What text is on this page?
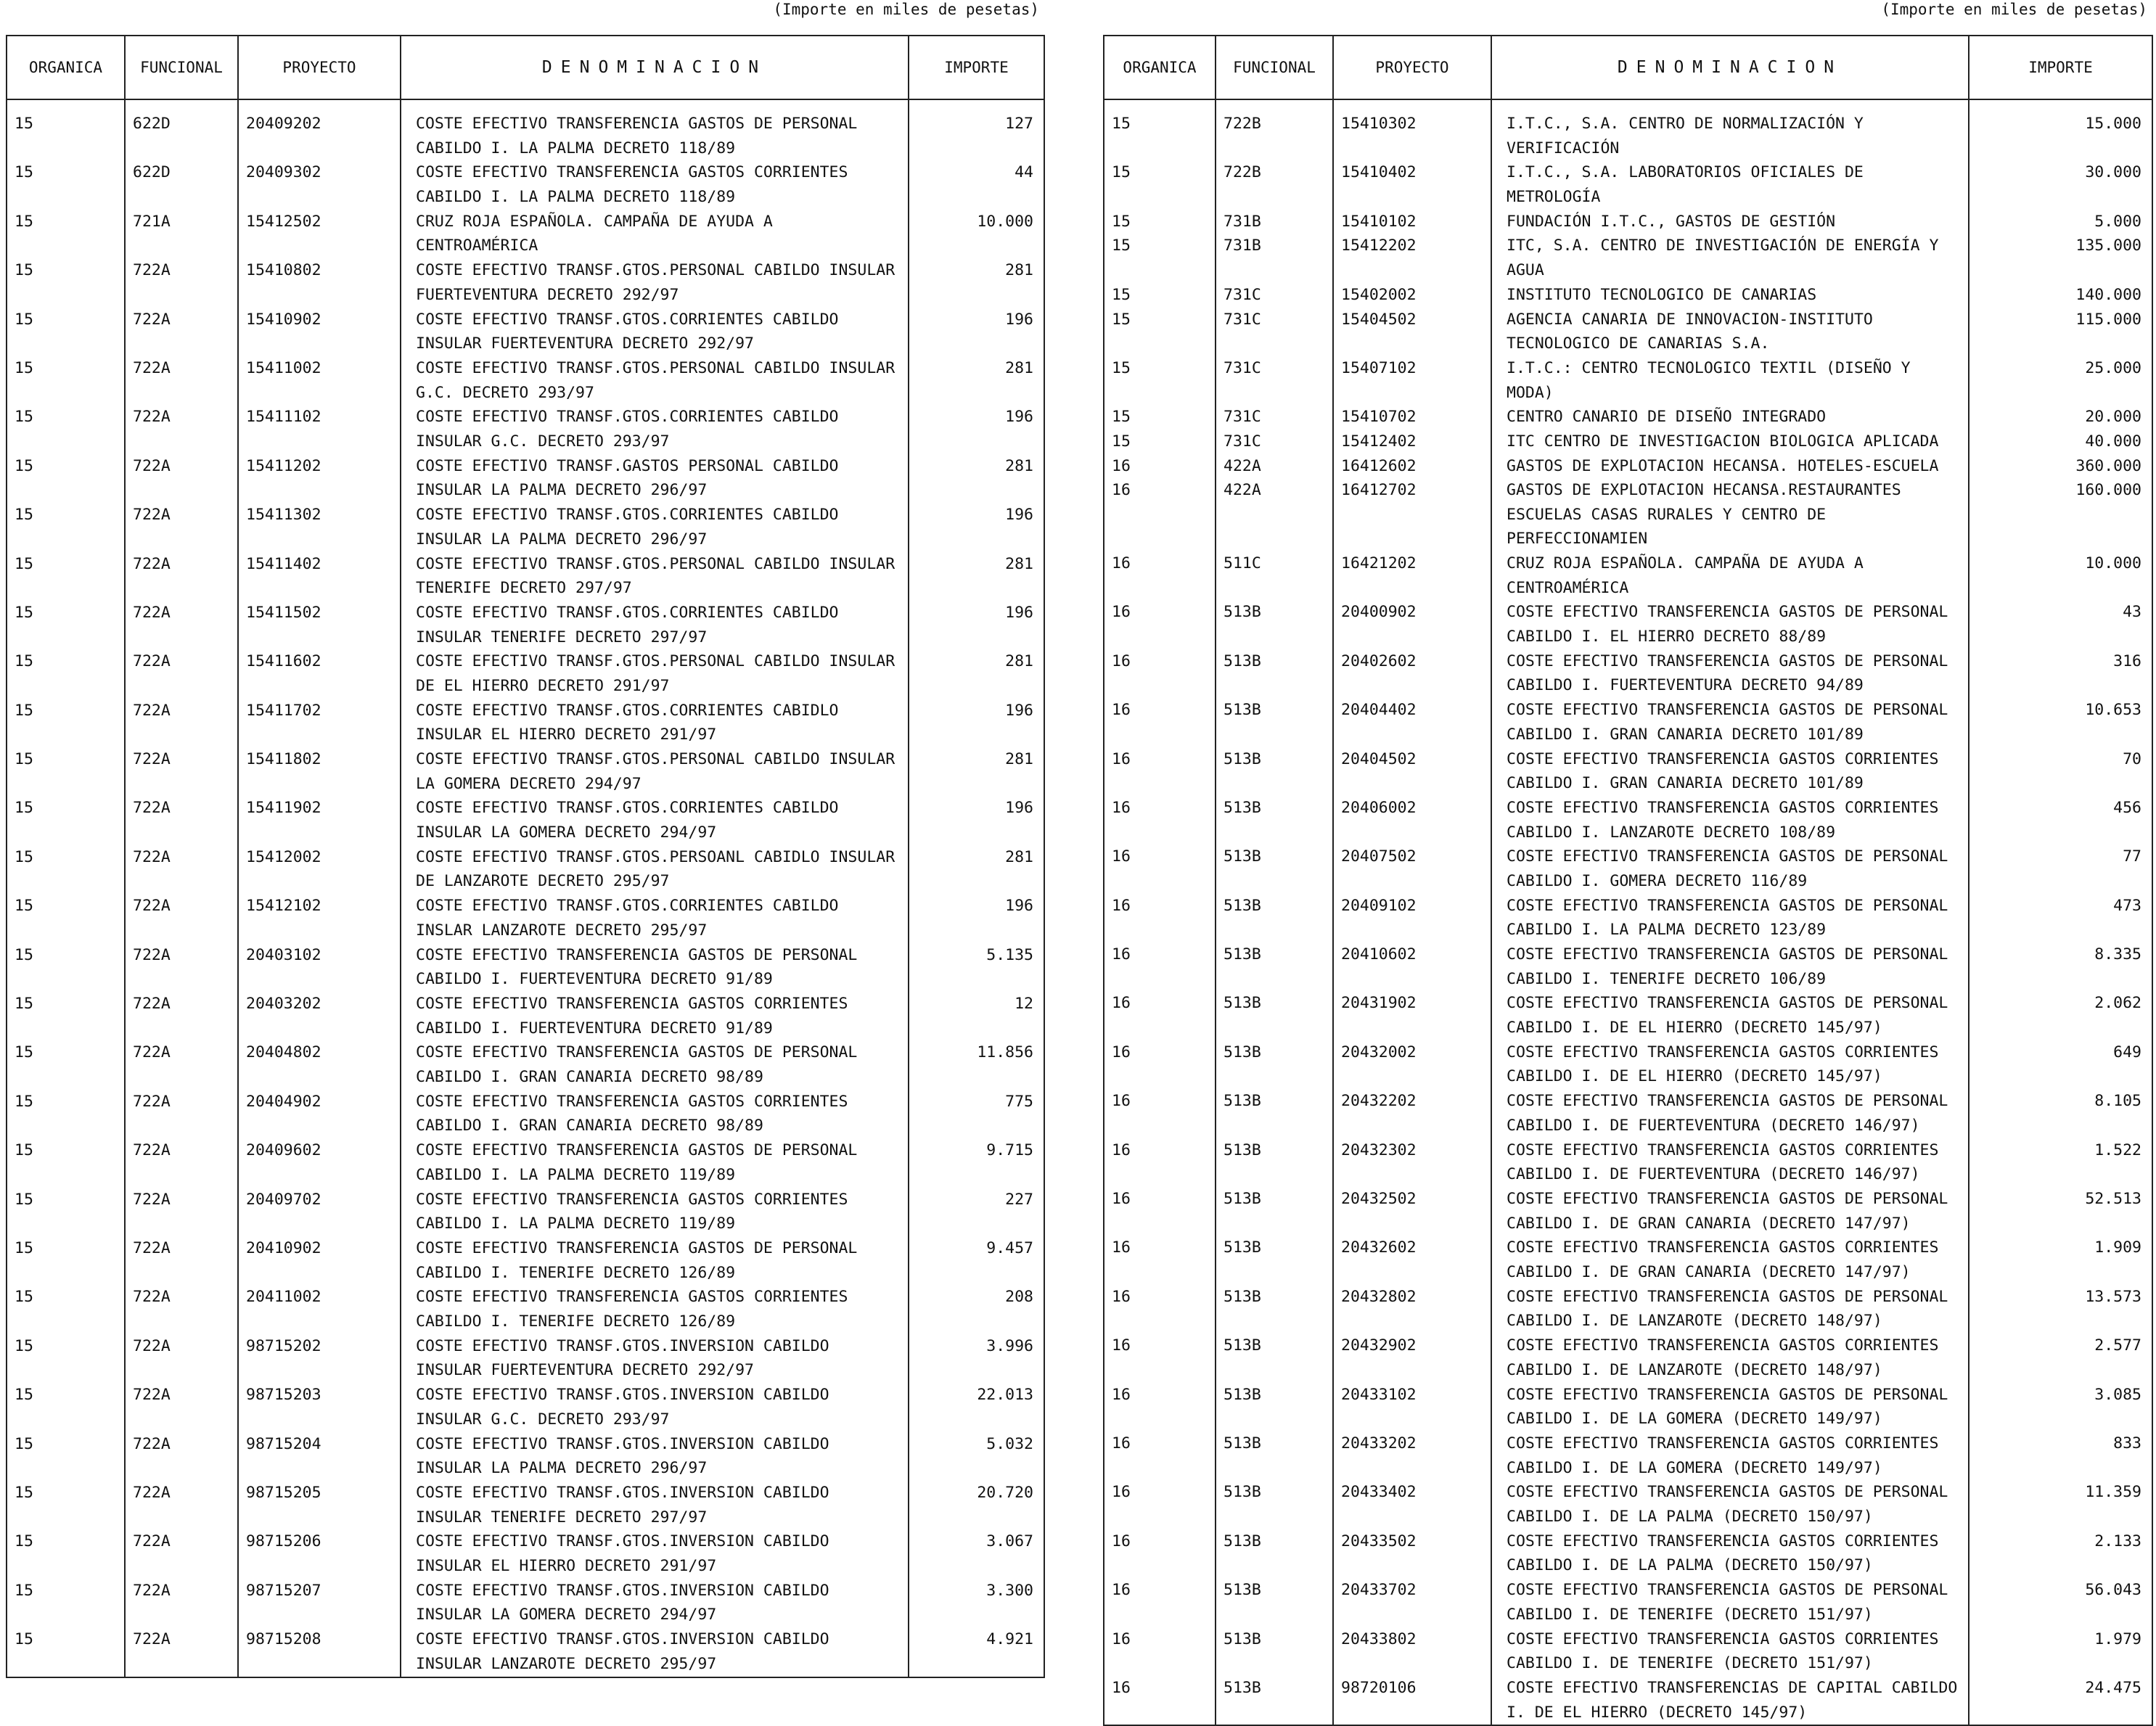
(Importe en miles de pesetas)
ORGANICA	FUNCIONAL	PROYECTO	DENOMINACION	IMPORTE
15	622D	20409202	COSTE EFECTIVO TRANSFERENCIA GASTOS DE PERSONAL CABILDO I. LA PALMA DECRETO 118/89	127
15	622D	20409302	COSTE EFECTIVO TRANSFERENCIA GASTOS CORRIENTES CABILDO I. LA PALMA DECRETO 118/89	44
15	721A	15412502	CRUZ ROJA ESPAÑOLA. CAMPAÑA DE AYUDA A CENTROAMÉRICA	10.000
15	722A	15410802	COSTE EFECTIVO TRANSF.GTOS.PERSONAL CABILDO INSULAR FUERTEVENTURA DECRETO 292/97	281
15	722A	15410902	COSTE EFECTIVO TRANSF.GTOS.CORRIENTES CABILDO INSULAR FUERTEVENTURA DECRETO 292/97	196
15	722A	15411002	COSTE EFECTIVO TRANSF.GTOS.PERSONAL CABILDO INSULAR G.C. DECRETO 293/97	281
15	722A	15411102	COSTE EFECTIVO TRANSF.GTOS.CORRIENTES CABILDO INSULAR G.C. DECRETO 293/97	196
15	722A	15411202	COSTE EFECTIVO TRANSF.GASTOS PERSONAL CABILDO INSULAR LA PALMA DECRETO 296/97	281
15	722A	15411302	COSTE EFECTIVO TRANSF.GTOS.CORRIENTES CABILDO INSULAR LA PALMA DECRETO 296/97	196
15	722A	15411402	COSTE EFECTIVO TRANSF.GTOS.PERSONAL CABILDO INSULAR TENERIFE DECRETO 297/97	281
15	722A	15411502	COSTE EFECTIVO TRANSF.GTOS.CORRIENTES CABILDO INSULAR TENERIFE DECRETO 297/97	196
15	722A	15411602	COSTE EFECTIVO TRANSF.GTOS.PERSONAL CABILDO INSULAR DE EL HIERRO DECRETO 291/97	281
15	722A	15411702	COSTE EFECTIVO TRANSF.GTOS.CORRIENTES CABIDLO INSULAR EL HIERRO DECRETO 291/97	196
15	722A	15411802	COSTE EFECTIVO TRANSF.GTOS.PERSONAL CABILDO INSULAR LA GOMERA DECRETO 294/97	281
15	722A	15411902	COSTE EFECTIVO TRANSF.GTOS.CORRIENTES CABILDO INSULAR LA GOMERA DECRETO 294/97	196
15	722A	15412002	COSTE EFECTIVO TRANSF.GTOS.PERSOANL CABIDLO INSULAR DE LANZAROTE DECRETO 295/97	281
15	722A	15412102	COSTE EFECTIVO TRANSF.GTOS.CORRIENTES CABILDO INSLAR LANZAROTE DECRETO 295/97	196
15	722A	20403102	COSTE EFECTIVO TRANSFERENCIA GASTOS DE PERSONAL CABILDO I. FUERTEVENTURA DECRETO 91/89	5.135
15	722A	20403202	COSTE EFECTIVO TRANSFERENCIA GASTOS CORRIENTES CABILDO I. FUERTEVENTURA DECRETO 91/89	12
15	722A	20404802	COSTE EFECTIVO TRANSFERENCIA GASTOS DE PERSONAL CABILDO I. GRAN CANARIA DECRETO 98/89	11.856
15	722A	20404902	COSTE EFECTIVO TRANSFERENCIA GASTOS CORRIENTES CABILDO I. GRAN CANARIA DECRETO 98/89	775
15	722A	20409602	COSTE EFECTIVO TRANSFERENCIA GASTOS DE PERSONAL CABILDO I. LA PALMA DECRETO 119/89	9.715
15	722A	20409702	COSTE EFECTIVO TRANSFERENCIA GASTOS CORRIENTES CABILDO I. LA PALMA DECRETO 119/89	227
15	722A	20410902	COSTE EFECTIVO TRANSFERENCIA GASTOS DE PERSONAL CABILDO I. TENERIFE DECRETO 126/89	9.457
15	722A	20411002	COSTE EFECTIVO TRANSFERENCIA GASTOS CORRIENTES CABILDO I. TENERIFE DECRETO 126/89	208
15	722A	98715202	COSTE EFECTIVO TRANSF.GTOS.INVERSION CABILDO INSULAR FUERTEVENTURA DECRETO 292/97	3.996
15	722A	98715203	COSTE EFECTIVO TRANSF.GTOS.INVERSION CABILDO INSULAR G.C. DECRETO 293/97	22.013
15	722A	98715204	COSTE EFECTIVO TRANSF.GTOS.INVERSION CABILDO INSULAR LA PALMA DECRETO 296/97	5.032
15	722A	98715205	COSTE EFECTIVO TRANSF.GTOS.INVERSION CABILDO INSULAR TENERIFE DECRETO 297/97	20.720
15	722A	98715206	COSTE EFECTIVO TRANSF.GTOS.INVERSION CABILDO INSULAR EL HIERRO DECRETO 291/97	3.067
15	722A	98715207	COSTE EFECTIVO TRANSF.GTOS.INVERSION CABILDO INSULAR LA GOMERA DECRETO 294/97	3.300
15	722A	98715208	COSTE EFECTIVO TRANSF.GTOS.INVERSION CABILDO INSULAR LANZAROTE DECRETO 295/97	4.921
(Importe en miles de pesetas)
ORGANICA	FUNCIONAL	PROYECTO	DENOMINACION	IMPORTE
15	722B	15410302	I.T.C., S.A. CENTRO DE NORMALIZACIÓN Y VERIFICACIÓN	15.000
15	722B	15410402	I.T.C., S.A. LABORATORIOS OFICIALES DE METROLOGÍA	30.000
15	731B	15410102	FUNDACIÓN I.T.C., GASTOS DE GESTIÓN	5.000
15	731B	15412202	ITC, S.A. CENTRO DE INVESTIGACIÓN DE ENERGÍA Y AGUA	135.000
15	731C	15402002	INSTITUTO TECNOLOGICO DE CANARIAS	140.000
15	731C	15404502	AGENCIA CANARIA DE INNOVACION-INSTITUTO TECNOLOGICO DE CANARIAS S.A.	115.000
15	731C	15407102	I.T.C.: CENTRO TECNOLOGICO TEXTIL (DISEÑO Y MODA)	25.000
15	731C	15410702	CENTRO CANARIO DE DISEÑO INTEGRADO	20.000
15	731C	15412402	ITC CENTRO DE INVESTIGACION BIOLOGICA APLICADA	40.000
16	422A	16412602	GASTOS DE EXPLOTACION HECANSA. HOTELES-ESCUELA	360.000
16	422A	16412702	GASTOS DE EXPLOTACION HECANSA.RESTAURANTES ESCUELAS CASAS RURALES Y CENTRO DE PERFECCIONAMIEN	160.000
16	511C	16421202	CRUZ ROJA ESPAÑOLA. CAMPAÑA DE AYUDA A CENTROAMÉRICA	10.000
16	513B	20400902	COSTE EFECTIVO TRANSFERENCIA GASTOS DE PERSONAL CABILDO I. EL HIERRO DECRETO 88/89	43
16	513B	20402602	COSTE EFECTIVO TRANSFERENCIA GASTOS DE PERSONAL CABILDO I. FUERTEVENTURA DECRETO 94/89	316
16	513B	20404402	COSTE EFECTIVO TRANSFERENCIA GASTOS DE PERSONAL CABILDO I. GRAN CANARIA DECRETO 101/89	10.653
16	513B	20404502	COSTE EFECTIVO TRANSFERENCIA GASTOS CORRIENTES CABILDO I. GRAN CANARIA DECRETO 101/89	70
16	513B	20406002	COSTE EFECTIVO TRANSFERENCIA GASTOS CORRIENTES CABILDO I. LANZAROTE DECRETO 108/89	456
16	513B	20407502	COSTE EFECTIVO TRANSFERENCIA GASTOS DE PERSONAL CABILDO I. GOMERA DECRETO 116/89	77
16	513B	20409102	COSTE EFECTIVO TRANSFERENCIA GASTOS DE PERSONAL CABILDO I. LA PALMA DECRETO 123/89	473
16	513B	20410602	COSTE EFECTIVO TRANSFERENCIA GASTOS DE PERSONAL CABILDO I. TENERIFE DECRETO 106/89	8.335
16	513B	20431902	COSTE EFECTIVO TRANSFERENCIA GASTOS DE PERSONAL CABILDO I. DE EL HIERRO (DECRETO 145/97)	2.062
16	513B	20432002	COSTE EFECTIVO TRANSFERENCIA GASTOS CORRIENTES CABILDO I. DE EL HIERRO (DECRETO 145/97)	649
16	513B	20432202	COSTE EFECTIVO TRANSFERENCIA GASTOS DE PERSONAL CABILDO I. DE FUERTEVENTURA (DECRETO 146/97)	8.105
16	513B	20432302	COSTE EFECTIVO TRANSFERENCIA GASTOS CORRIENTES CABILDO I. DE FUERTEVENTURA (DECRETO 146/97)	1.522
16	513B	20432502	COSTE EFECTIVO TRANSFERENCIA GASTOS DE PERSONAL CABILDO I. DE GRAN CANARIA (DECRETO 147/97)	52.513
16	513B	20432602	COSTE EFECTIVO TRANSFERENCIA GASTOS CORRIENTES CABILDO I. DE GRAN CANARIA (DECRETO 147/97)	1.909
16	513B	20432802	COSTE EFECTIVO TRANSFERENCIA GASTOS DE PERSONAL CABILDO I. DE LANZAROTE (DECRETO 148/97)	13.573
16	513B	20432902	COSTE EFECTIVO TRANSFERENCIA GASTOS CORRIENTES CABILDO I. DE LANZAROTE (DECRETO 148/97)	2.577
16	513B	20433102	COSTE EFECTIVO TRANSFERENCIA GASTOS DE PERSONAL CABILDO I. DE LA GOMERA (DECRETO 149/97)	3.085
16	513B	20433202	COSTE EFECTIVO TRANSFERENCIA GASTOS CORRIENTES CABILDO I. DE LA GOMERA (DECRETO 149/97)	833
16	513B	20433402	COSTE EFECTIVO TRANSFERENCIA GASTOS DE PERSONAL CABILDO I. DE LA PALMA (DECRETO 150/97)	11.359
16	513B	20433502	COSTE EFECTIVO TRANSFERENCIA GASTOS CORRIENTES CABILDO I. DE LA PALMA (DECRETO 150/97)	2.133
16	513B	20433702	COSTE EFECTIVO TRANSFERENCIA GASTOS DE PERSONAL CABILDO I. DE TENERIFE (DECRETO 151/97)	56.043
16	513B	20433802	COSTE EFECTIVO TRANSFERENCIA GASTOS CORRIENTES CABILDO I. DE TENERIFE (DECRETO 151/97)	1.979
16	513B	98720106	COSTE EFECTIVO TRANSFERENCIAS DE CAPITAL CABILDO I. DE EL HIERRO (DECRETO 145/97)	24.475
